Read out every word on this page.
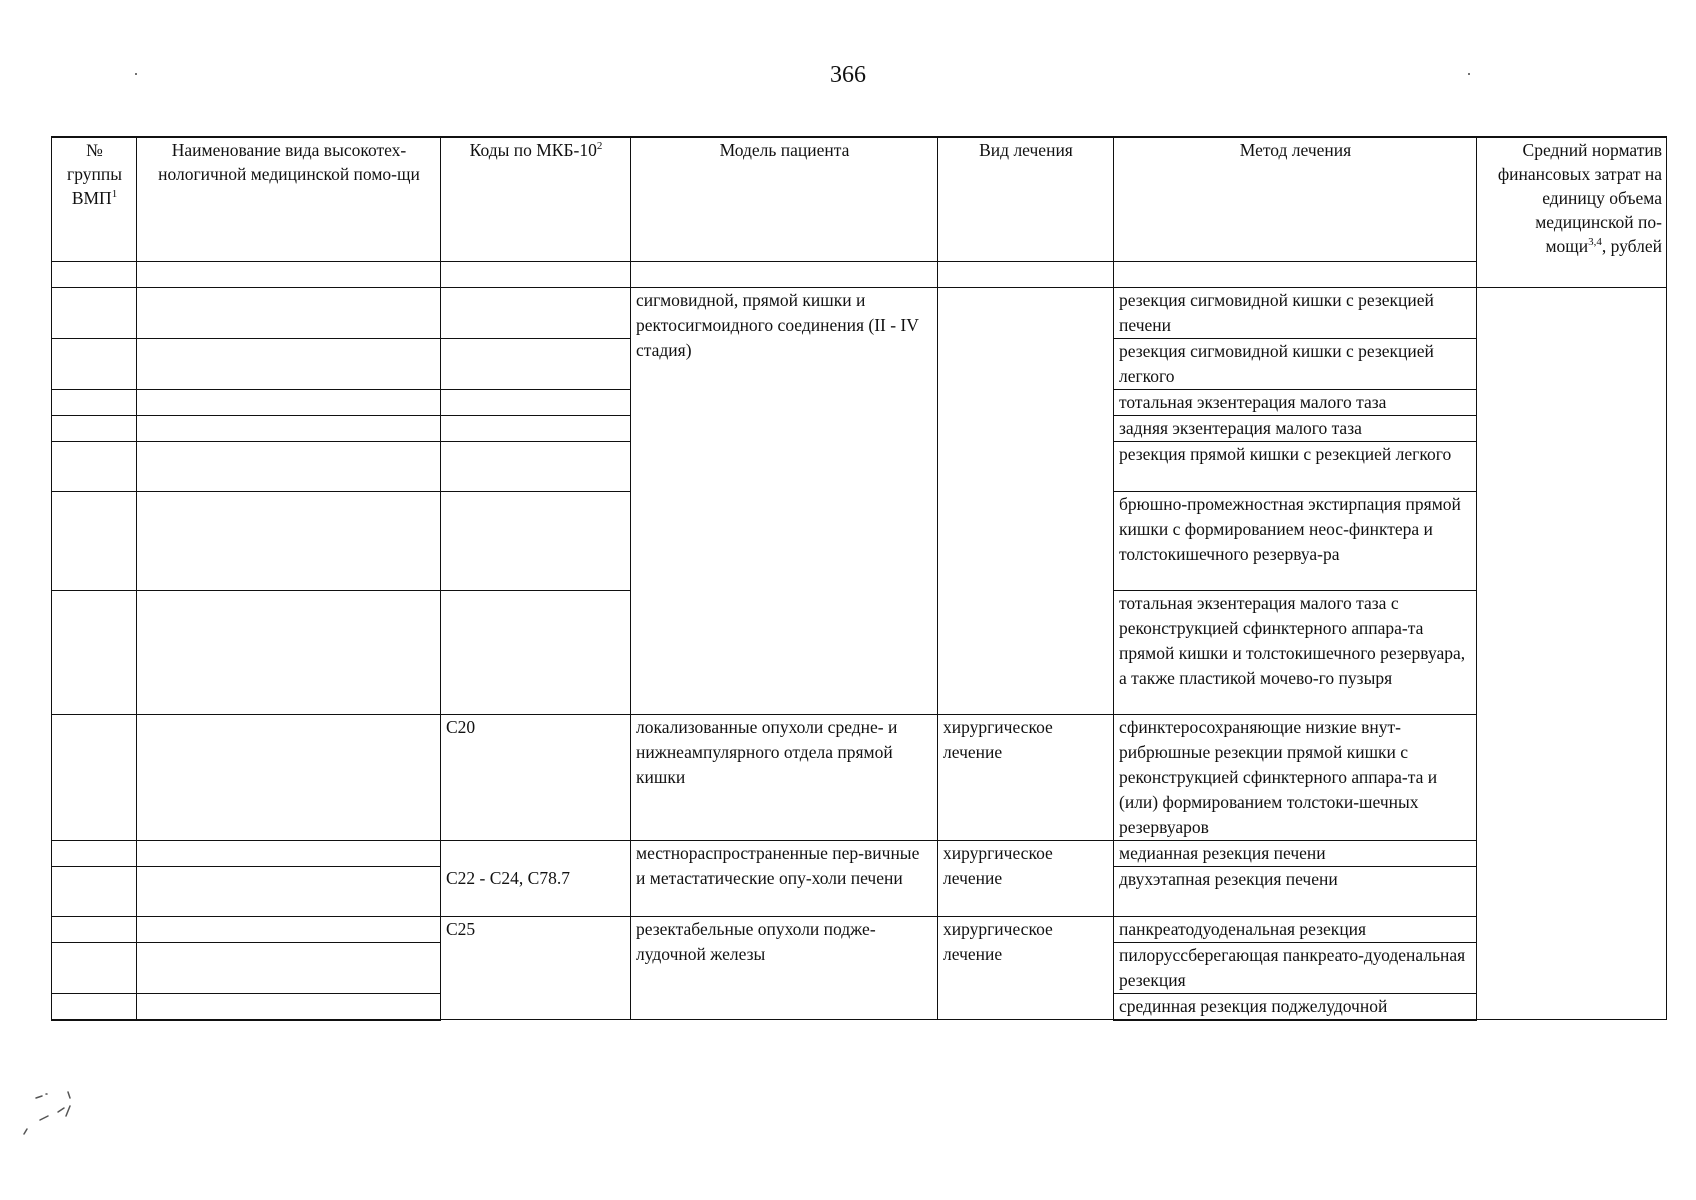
366
№ группы ВМП$^1$	Наименование вида высокотех-нологичной медицинской помо-щи	Коды по МКБ-$10^2$	Модель пациента	Вид лечения	Метод лечения	Средний норматив финансовых затрат на единицу объема медицинской по-мощи$^{3,4}$, рублей

			сигмовидной, прямой кишки и ректосигмоидного соединения (II - IV стадия)		резекция сигмовидной кишки с резекцией печени	
					резекция сигмовидной кишки с резекцией легкого	
					тотальная экзентерация малого таза	
					задняя экзентерация малого таза	
					резекция прямой кишки с резекцией легкого	
					брюшно-промежностная экстирпация прямой кишки с формированием неос-финктера и толстокишечного резервуа-ра	
					тотальная экзентерация малого таза с реконструкцией сфинктерного аппара-та прямой кишки и толстокишечного резервуара, а также пластикой мочево-го пузыря	
		C20	локализованные опухоли средне- и нижнеампулярного отдела прямой кишки	хирургическое лечение	сфинктеросохраняющие низкие внут-рибрюшные резекции прямой кишки с реконструкцией сфинктерного аппара-та и (или) формированием толстоки-шечных резервуаров	
			местнораспространенные пер-вичные и метастатические опу-холи печени	хирургическое лечение	медианная резекция печени	
		C22 - C24, C78.7			двухэтапная резекция печени	
		C25	резектабельные опухоли подже-лудочной железы	хирургическое лечение	панкреатодуоденальная резекция	
					пилоруссберегающая панкреато-дуоденальная резекция	
					срединная резекция поджелудочной	
